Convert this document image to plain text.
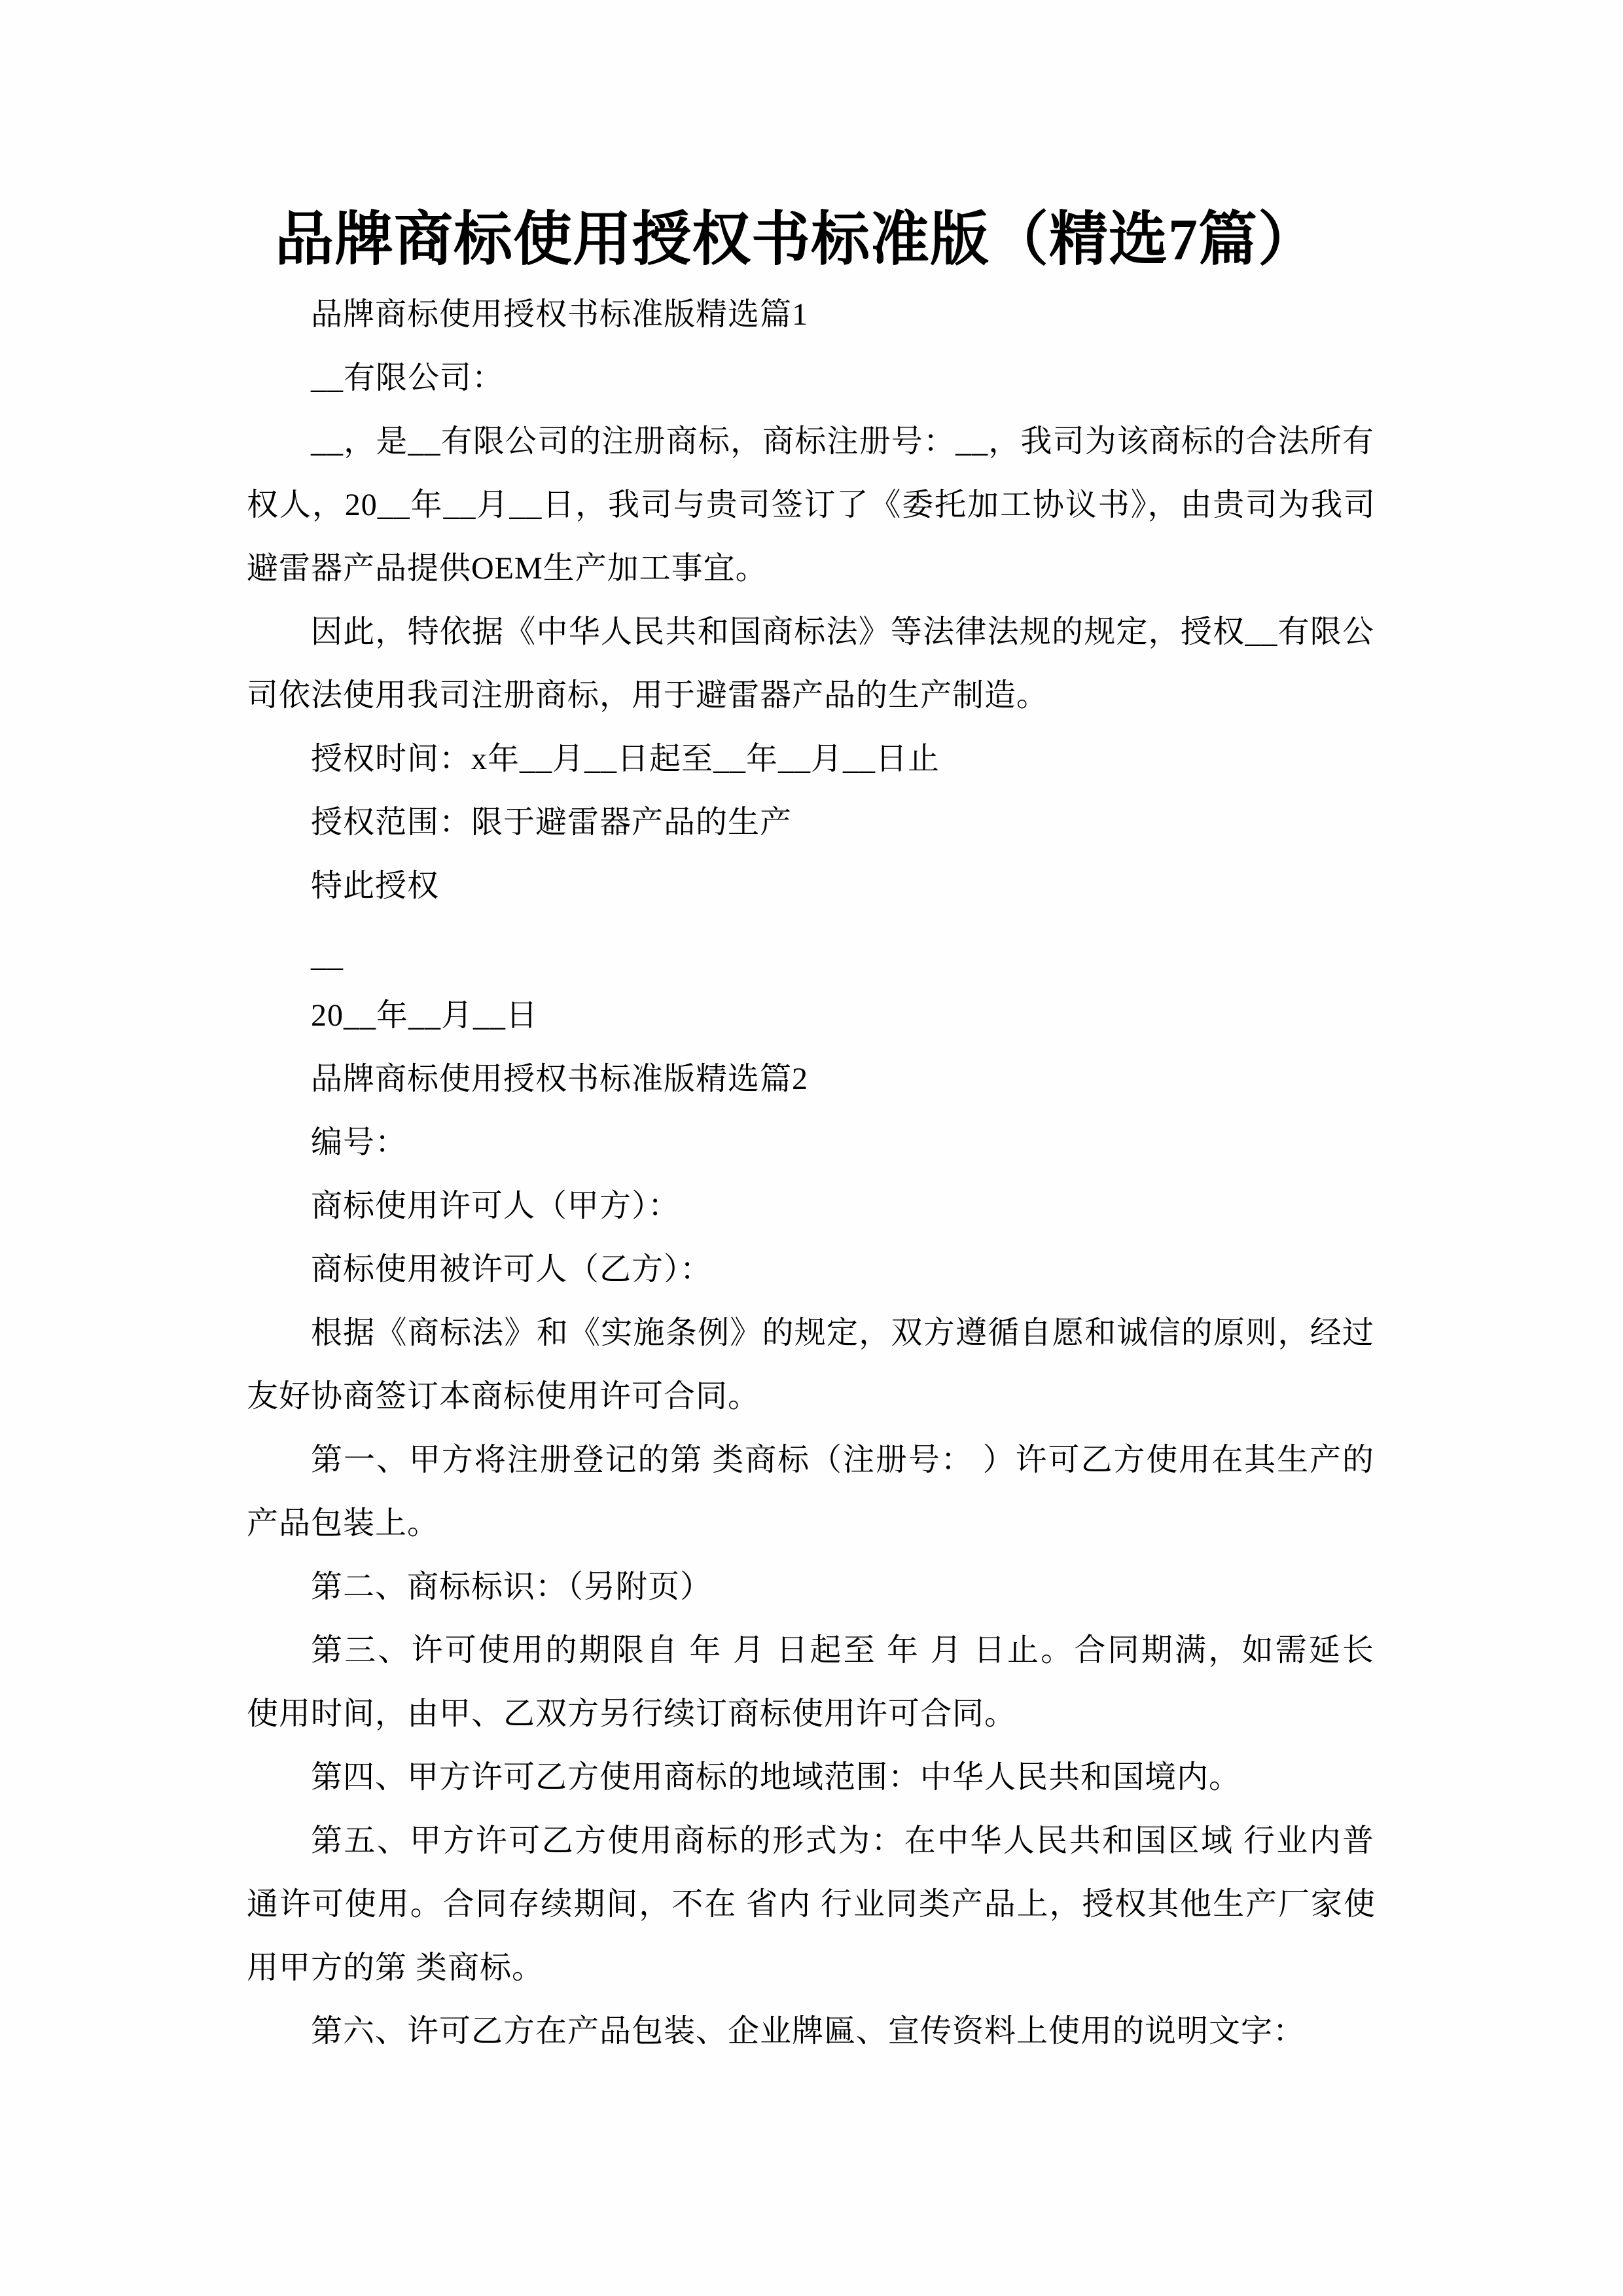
品牌商标使用授权书标准版（精选7篇）
品牌商标使用授权书标准版精选篇1
__有限公司：
__，是__有限公司的注册商标，商标注册号：__，我司为该商标的合法所有
权人，20__年__月__日，我司与贵司签订了《委托加工协议书》，由贵司为我司
避雷器产品提供OEM生产加工事宜。
因此，特依据《中华人民共和国商标法》等法律法规的规定，授权__有限公
司依法使用我司注册商标，用于避雷器产品的生产制造。
授权时间：x年__月__日起至__年__月__日止
授权范围：限于避雷器产品的生产
特此授权
__
20__年__月__日
品牌商标使用授权书标准版精选篇2
编号：
商标使用许可人（甲方）：
商标使用被许可人（乙方）：
根据《商标法》和《实施条例》的规定，双方遵循自愿和诚信的原则，经过
友好协商签订本商标使用许可合同。
第一、甲方将注册登记的第 类商标（注册号： ）许可乙方使用在其生产的
产品包装上。
第二、商标标识：（另附页）
第三、许可使用的期限自 年 月 日起至 年 月 日止。合同期满，如需延长
使用时间，由甲、乙双方另行续订商标使用许可合同。
第四、甲方许可乙方使用商标的地域范围：中华人民共和国境内。
第五、甲方许可乙方使用商标的形式为：在中华人民共和国区域 行业内普
通许可使用。合同存续期间，不在 省内 行业同类产品上，授权其他生产厂家使
用甲方的第 类商标。
第六、许可乙方在产品包装、企业牌匾、宣传资料上使用的说明文字：
